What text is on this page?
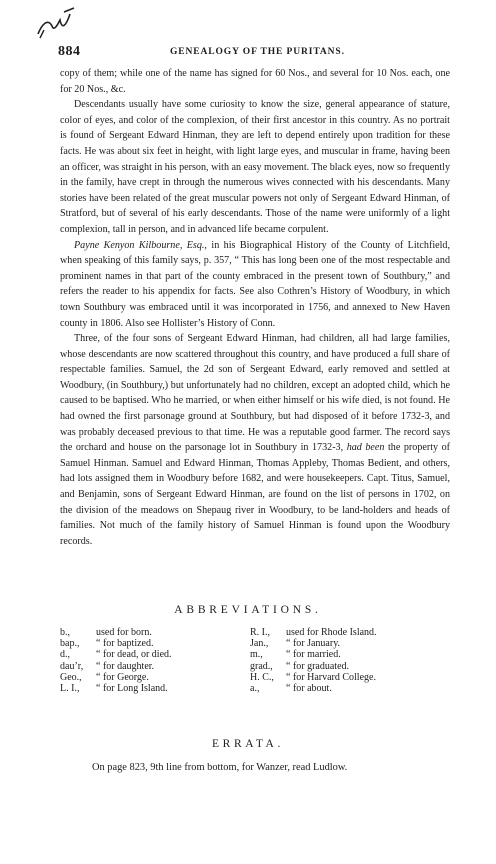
884	GENEALOGY OF THE PURITANS.

copy of them; while one of the name has signed for 60 Nos., and several for 10 Nos. each, one for 20 Nos., &c.

Descendants usually have some curiosity to know the size, general appearance of stature, color of eyes, and color of the complexion, of their first ancestor in this country. As no portrait is found of Sergeant Edward Hinman, they are left to depend entirely upon tradition for these facts. He was about six feet in height, with light large eyes, and muscular in frame, having been an officer, was straight in his person, with an easy movement. The black eyes, now so frequently in the family, have crept in through the numerous wives connected with his descendants. Many stories have been related of the great muscular powers not only of Sergeant Edward Hinman, of Stratford, but of several of his early descendants. Those of the name were uniformly of a light complexion, tall in person, and in advanced life became corpulent.

Payne Kenyon Kilbourne, Esq., in his Biographical History of the County of Litchfield, when speaking of this family says, p. 357, “ This has long been one of the most respectable and prominent names in that part of the county embraced in the present town of Southbury,” and refers the reader to his appendix for facts. See also Cothren’s History of Woodbury, in which town Southbury was embraced until it was incorporated in 1756, and annexed to New Haven county in 1806. Also see Hollister’s History of Conn.

Three, of the four sons of Sergeant Edward Hinman, had children, all had large families, whose descendants are now scattered throughout this country, and have produced a full share of respectable families. Samuel, the 2d son of Sergeant Edward, early removed and settled at Woodbury, (in Southbury,) but unfortunately had no children, except an adopted child, which he caused to be baptised. Who he married, or when either himself or his wife died, is not found. He had owned the first parsonage ground at Southbury, but had disposed of it before 1732-3, and was probably deceased previous to that time. He was a reputable good farmer. The record says the orchard and house on the parsonage lot in Southbury in 1732-3, had been the property of Samuel Hinman. Samuel and Edward Hinman, Thomas Appleby, Thomas Bedient, and others, had lots assigned them in Woodbury before 1682, and were housekeepers. Capt. Titus, Samuel, and Benjamin, sons of Sergeant Edward Hinman, are found on the list of persons in 1702, on the division of the meadows on Shepaug river in Woodbury, to be land-holders and heads of families. Not much of the family history of Samuel Hinman is found upon the Woodbury records.

ABBREVIATIONS.
b.,	used for born.
bap.,	“ for baptized.
d.,	“ for dead, or died.
dau’r,	“ for daughter.
Geo.,	“ for George.
L. I.,	“ for Long Island.
R. I.,	used for Rhode Island.
Jan.,	“ for January.
m.,	“ for married.
grad.,	“ for graduated.
H. C.,	“ for Harvard College.
a.,	“ for about.
ERRATA.
On page 823, 9th line from bottom, for Wanzer, read Ludlow.
